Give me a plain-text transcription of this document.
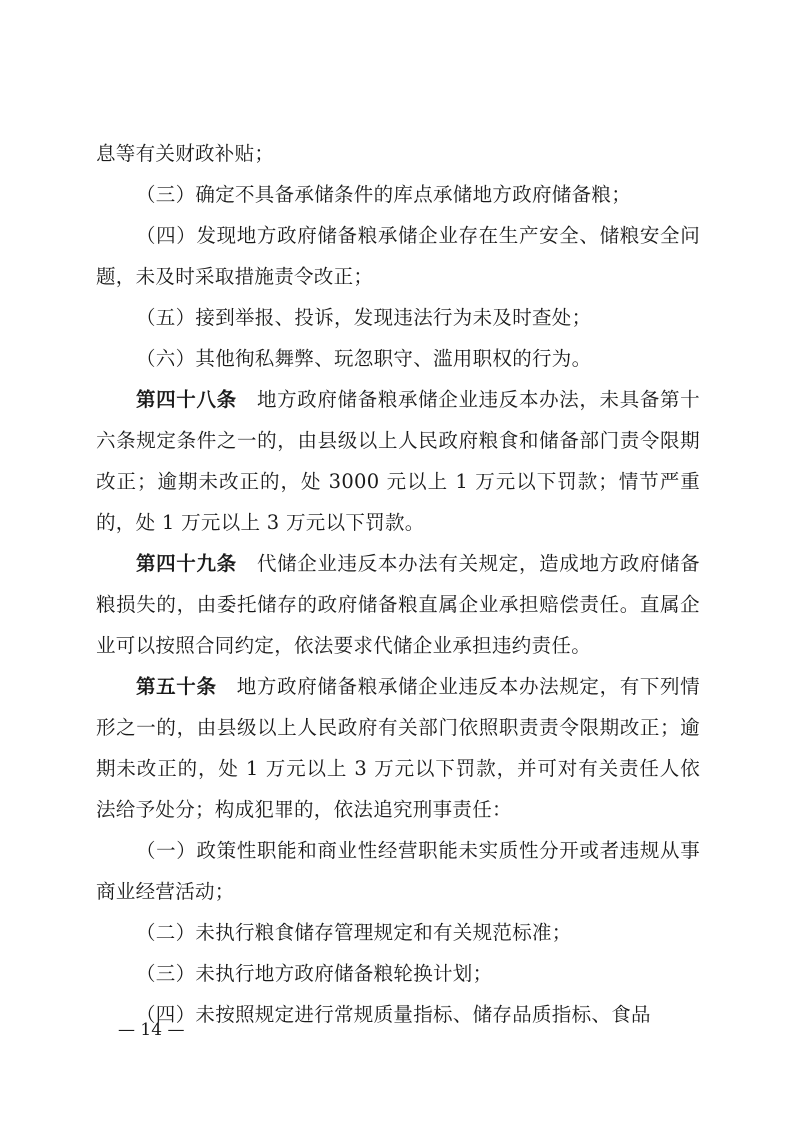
息等有关财政补贴；

（三）确定不具备承储条件的库点承储地方政府储备粮；

（四）发现地方政府储备粮承储企业存在生产安全、储粮安全问题，未及时采取措施责令改正；

（五）接到举报、投诉，发现违法行为未及时查处；

（六）其他徇私舞弊、玩忽职守、滥用职权的行为。

第四十八条　 地方政府储备粮承储企业违反本办法，未具备第十六条规定条件之一的，由县级以上人民政府粮食和储备部门责令限期改正；逾期未改正的，处 3000 元以上 1 万元以下罚款；情节严重的，处 1 万元以上 3 万元以下罚款。

第四十九条　 代储企业违反本办法有关规定，造成地方政府储备粮损失的，由委托储存的政府储备粮直属企业承担赔偿责任。直属企业可以按照合同约定，依法要求代储企业承担违约责任。

第五十条　 地方政府储备粮承储企业违反本办法规定，有下列情形之一的，由县级以上人民政府有关部门依照职责责令限期改正；逾期未改正的，处 1 万元以上 3 万元以下罚款，并可对有关责任人依法给予处分；构成犯罪的，依法追究刑事责任：

（一）政策性职能和商业性经营职能未实质性分开或者违规从事商业经营活动；

（二）未执行粮食储存管理规定和有关规范标准；

（三）未执行地方政府储备粮轮换计划；

（四）未按照规定进行常规质量指标、储存品质指标、食品

— 14 —
